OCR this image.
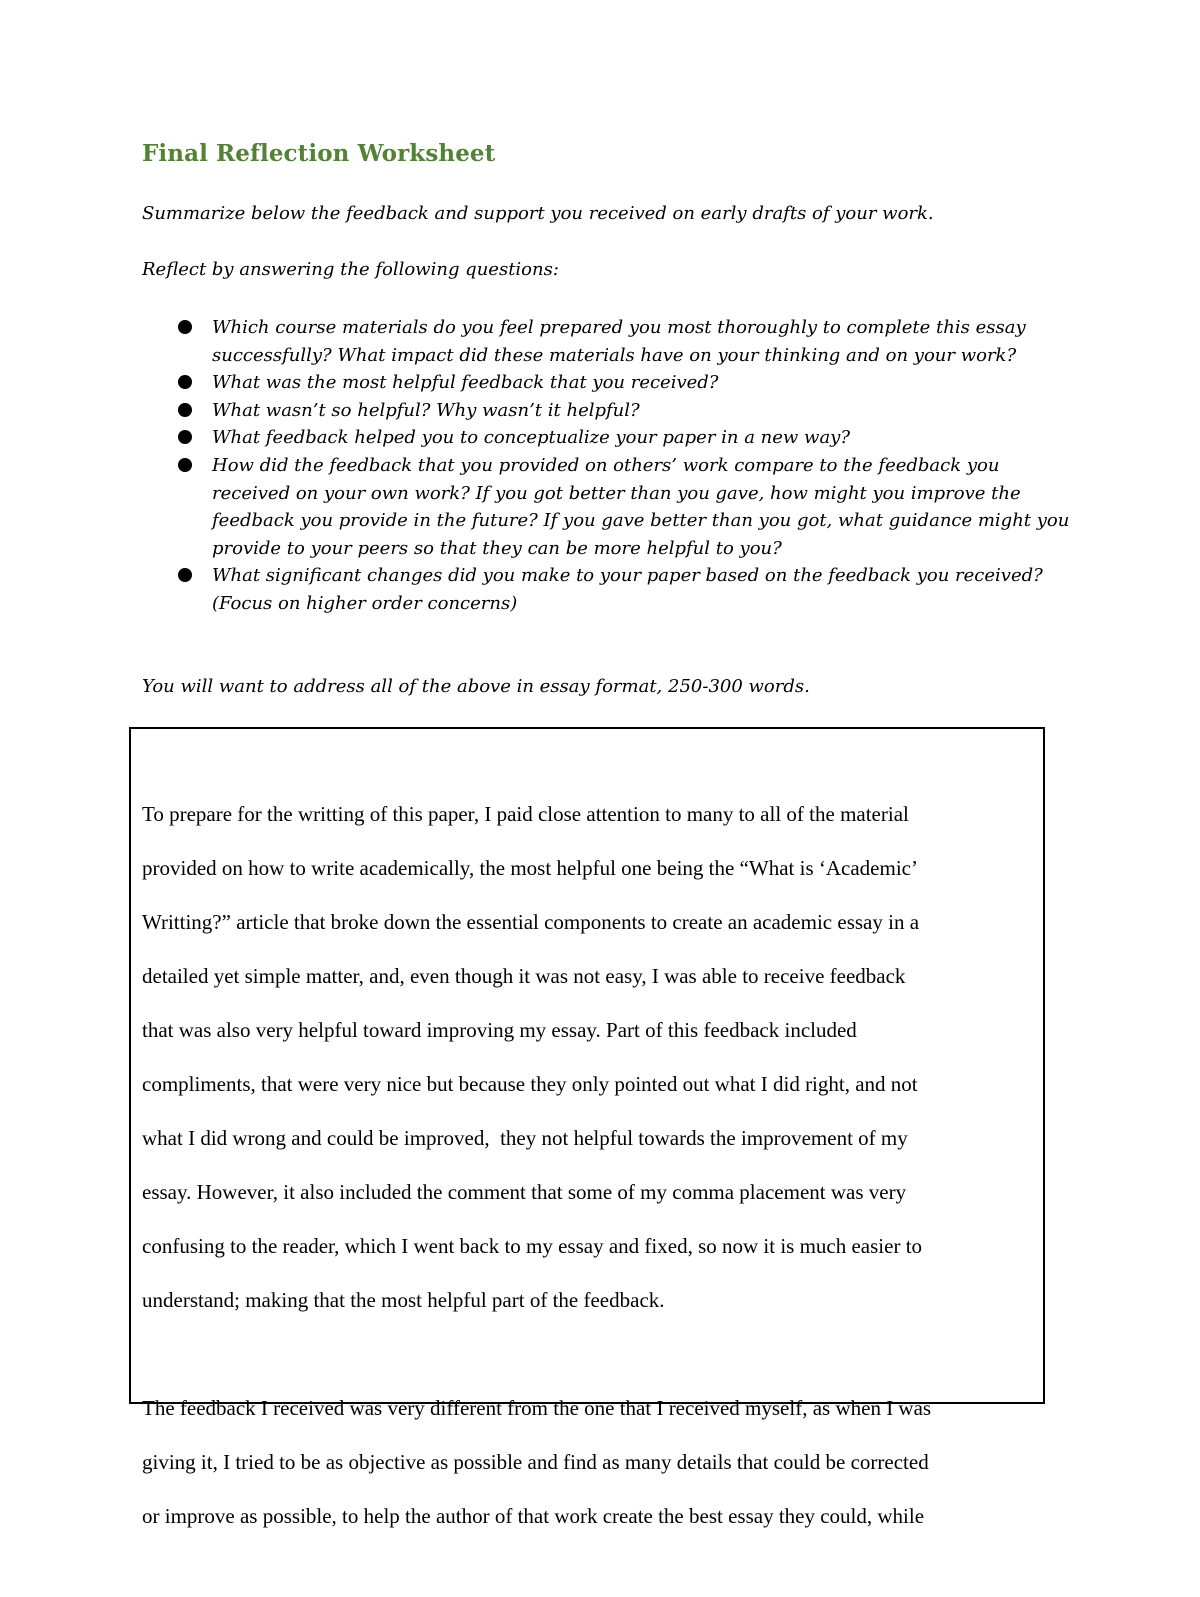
Final Reflection Worksheet

Summarize below the feedback and support you received on early drafts of your work.

Reflect by answering the following questions:

Which course materials do you feel prepared you most thoroughly to complete this essay successfully? What impact did these materials have on your thinking and on your work?
What was the most helpful feedback that you received?
What wasn’t so helpful? Why wasn’t it helpful?
What feedback helped you to conceptualize your paper in a new way?
How did the feedback that you provided on others’ work compare to the feedback you received on your own work? If you got better than you gave, how might you improve the feedback you provide in the future? If you gave better than you got, what guidance might you provide to your peers so that they can be more helpful to you?
What significant changes did you make to your paper based on the feedback you received? (Focus on higher order concerns)

You will want to address all of the above in essay format, 250-300 words.

To prepare for the writting of this paper, I paid close attention to many to all of the material
provided on how to write academically, the most helpful one being the “What is ‘Academic’
Writting?” article that broke down the essential components to create an academic essay in a
detailed yet simple matter, and, even though it was not easy, I was able to receive feedback
that was also very helpful toward improving my essay. Part of this feedback included
compliments, that were very nice but because they only pointed out what I did right, and not
what I did wrong and could be improved,  they not helpful towards the improvement of my
essay. However, it also included the comment that some of my comma placement was very
confusing to the reader, which I went back to my essay and fixed, so now it is much easier to
understand; making that the most helpful part of the feedback.

The feedback I received was very different from the one that I received myself, as when I was
giving it, I tried to be as objective as possible and find as many details that could be corrected
or improve as possible, to help the author of that work create the best essay they could, while
